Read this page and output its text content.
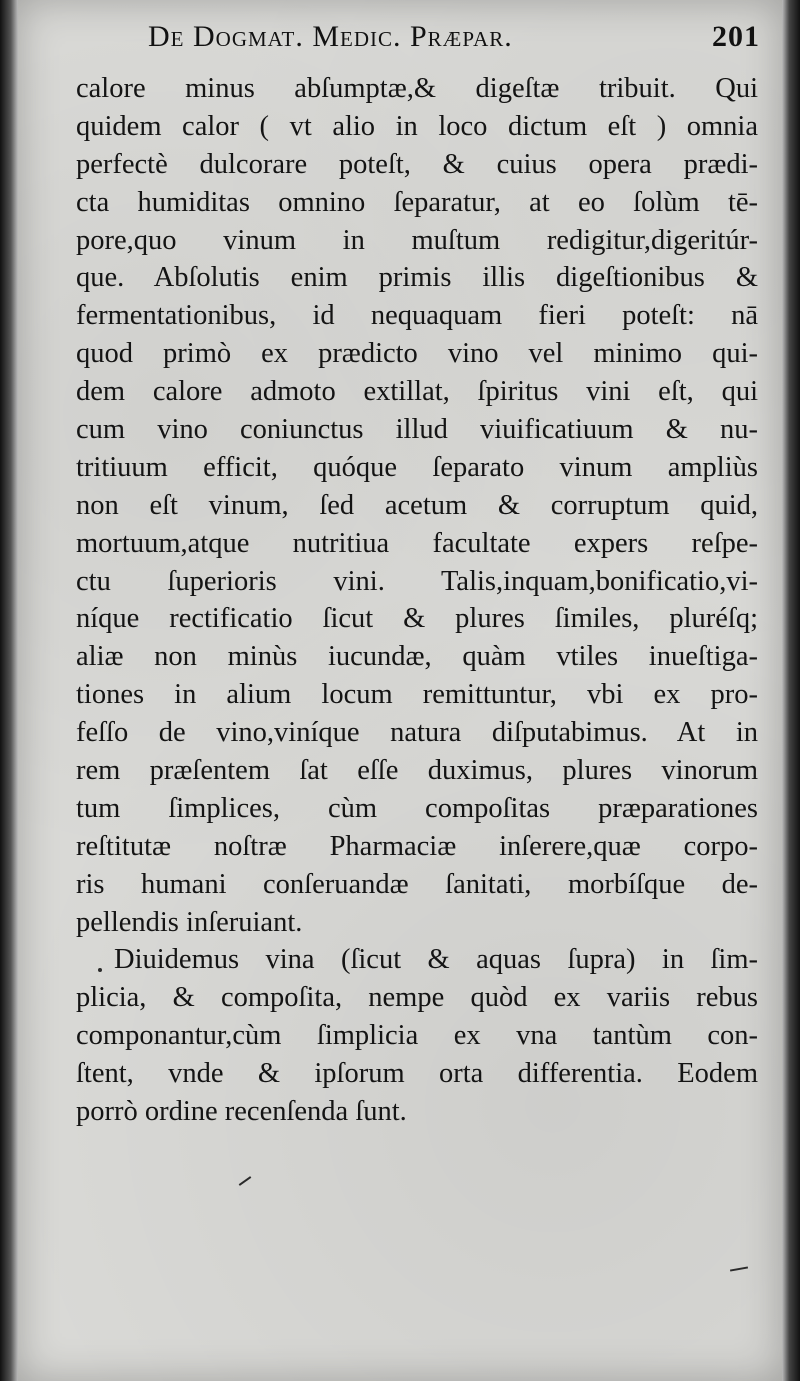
De Dogmat. Medic. Præpar.	201
calore minus abſumptæ,& digeſtæ tribuit. Qui
quidem calor ( vt alio in loco dictum eſt ) omnia
perfectè dulcorare poteſt, & cuius opera prædi-
cta humiditas omnino ſeparatur, at eo ſolùm tē-
pore,quo vinum in muſtum redigitur,digeritúr-
que. Abſolutis enim primis illis digeſtionibus &
fermentationibus, id nequaquam fieri poteſt: nā
quod primò ex prædicto vino vel minimo qui-
dem calore admoto extillat, ſpiritus vini eſt, qui
cum vino coniunctus illud viuificatiuum & nu-
tritiuum efficit, quóque ſeparato vinum ampliùs
non eſt vinum, ſed acetum & corruptum quid,
mortuum,atque nutritiua facultate expers reſpe-
ctu ſuperioris vini. Talis,inquam,bonificatio,vi-
níque rectificatio ſicut & plures ſimiles, pluréſq;
aliæ non minùs iucundæ, quàm vtiles inueſtiga-
tiones in alium locum remittuntur, vbi ex pro-
feſſo de vino,viníque natura diſputabimus. At in
rem præſentem ſat eſſe duximus, plures vinorum
tum ſimplices, cùm compoſitas præparationes
reſtitutæ noſtræ Pharmaciæ inſerere,quæ corpo-
ris humani conſeruandæ ſanitati, morbíſque de-
pellendis inſeruiant.
Diuidemus vina (ſicut & aquas ſupra) in ſim-
plicia, & compoſita, nempe quòd ex variis rebus
componantur,cùm ſimplicia ex vna tantùm con-
ſtent, vnde & ipſorum orta differentia. Eodem
porrò ordine recenſenda ſunt.
